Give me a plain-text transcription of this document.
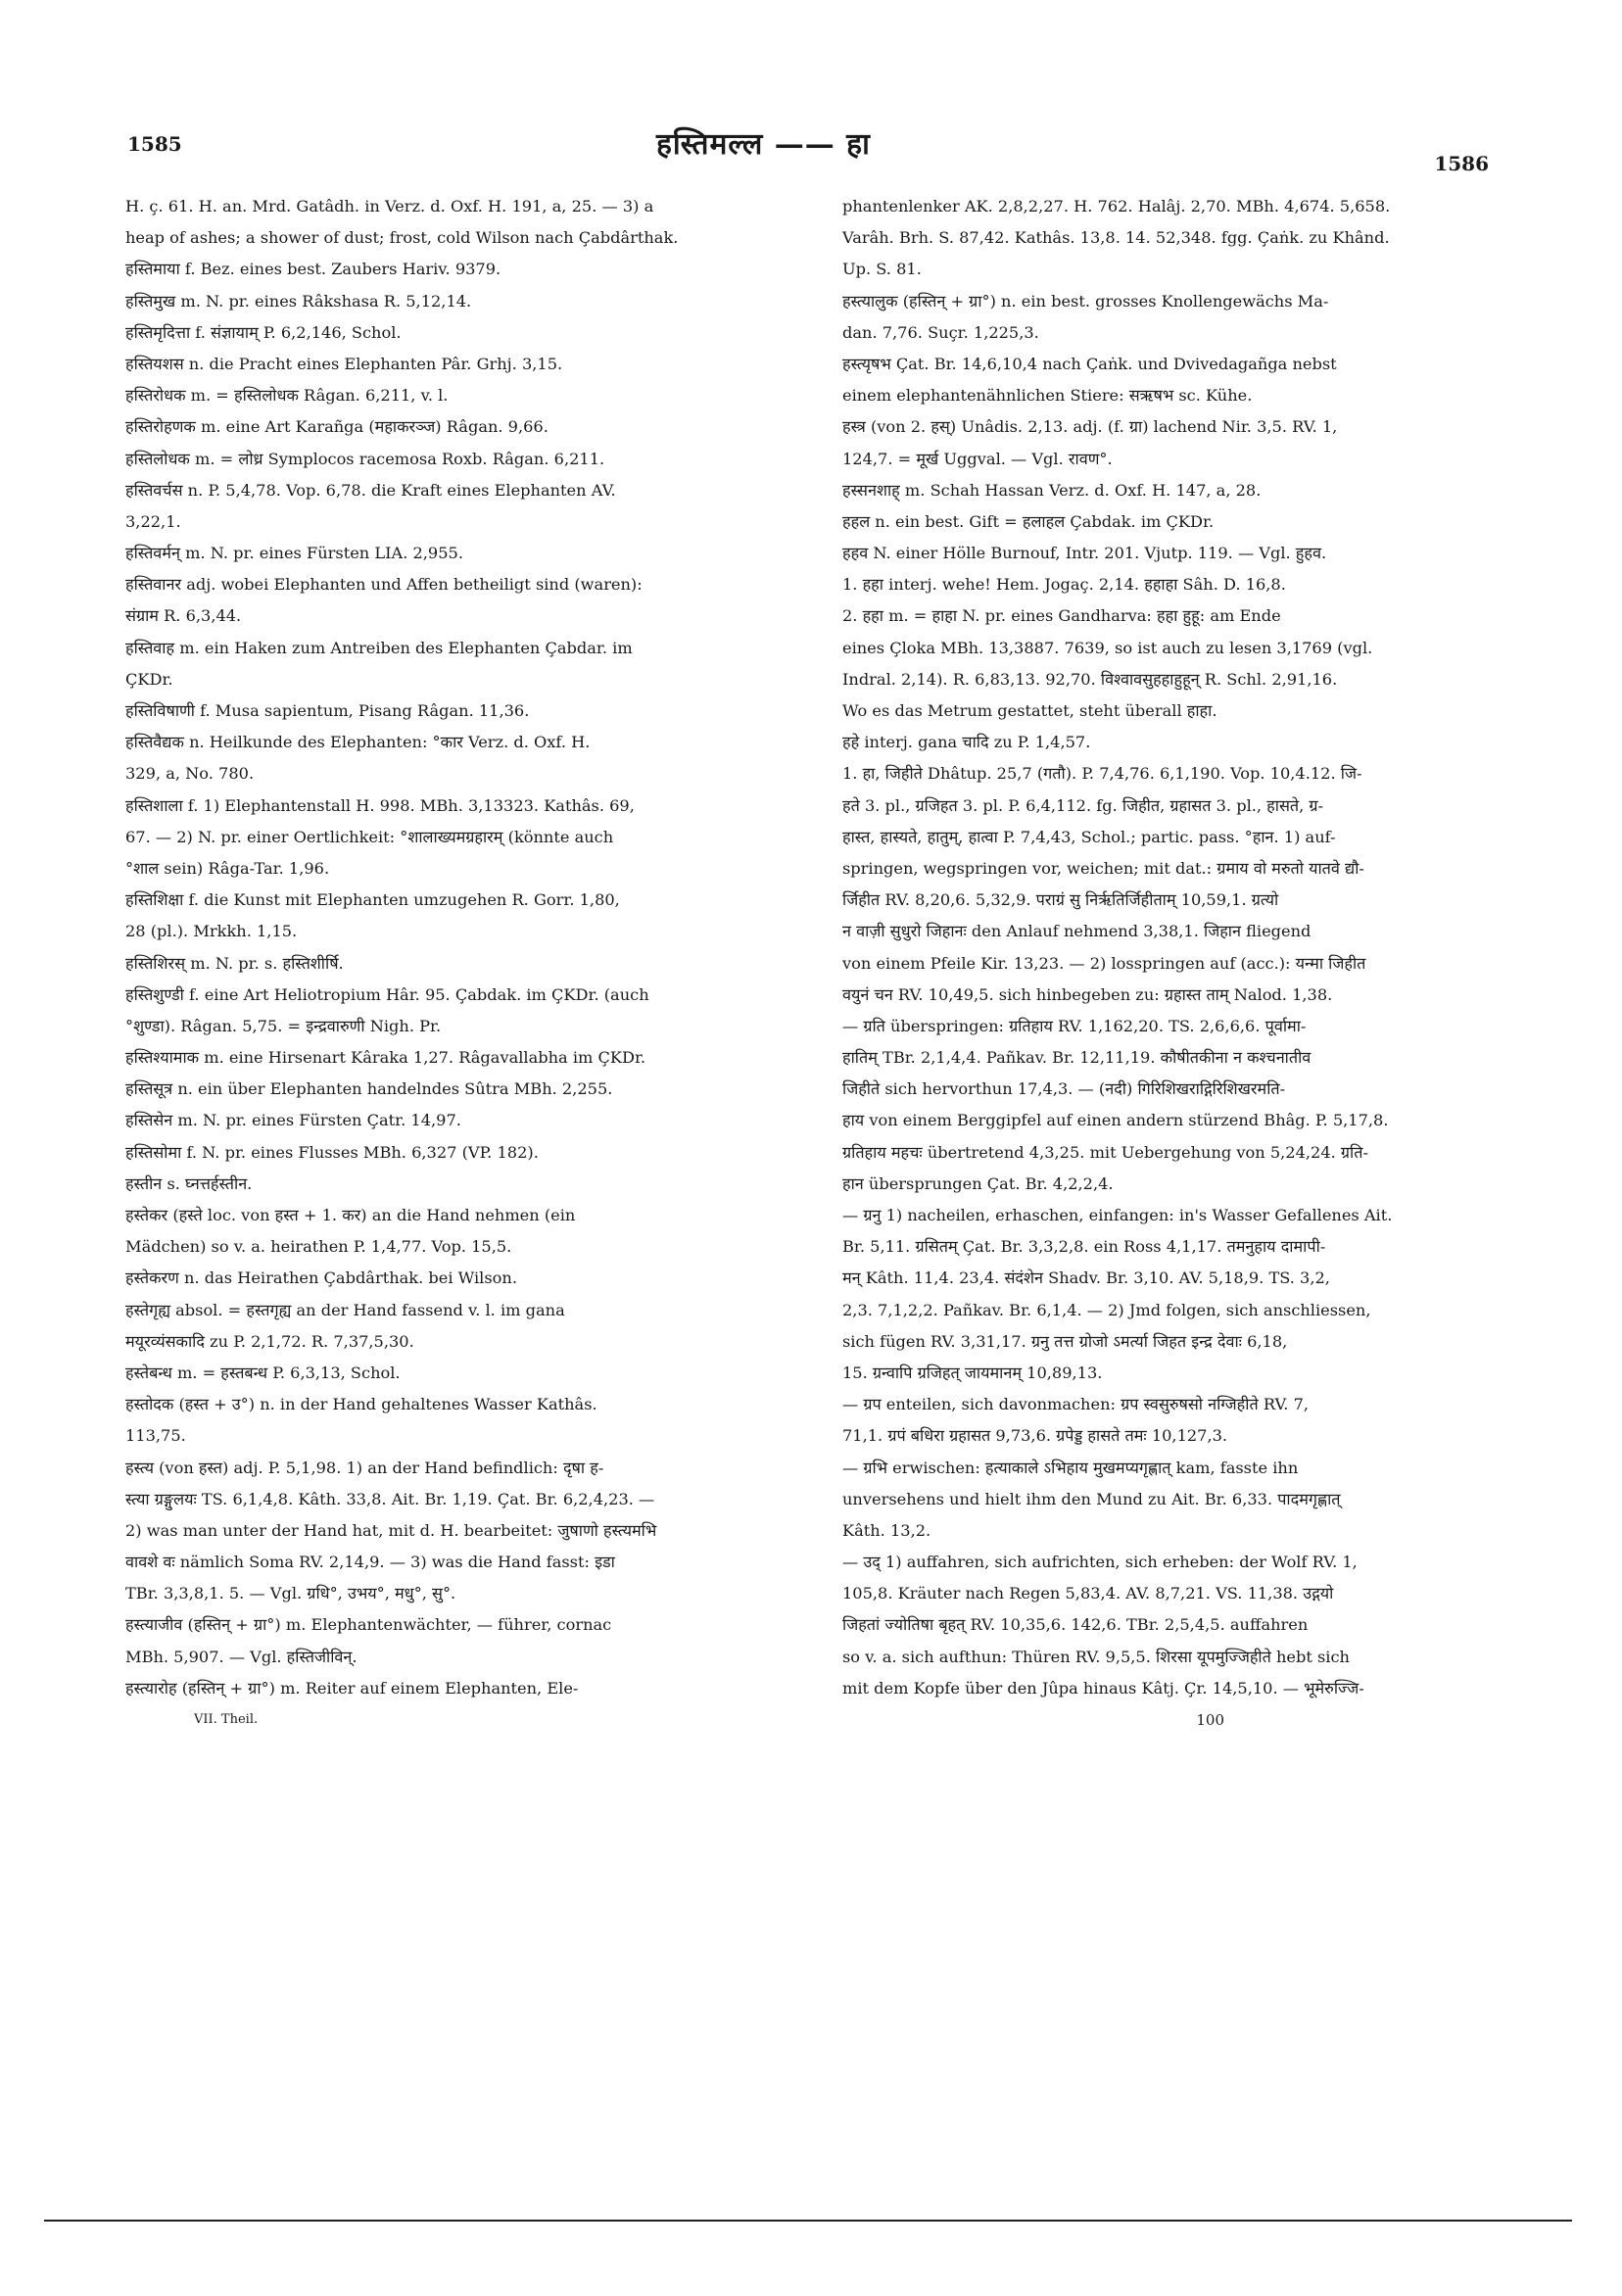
1585	हस्तिमल्ल —— हा
1586
H. ç. 61. H. an. Mrd. Gatâdh. in Verz. d. Oxf. H. 191, a, 25. — 3) a
heap of ashes; a shower of dust; frost, cold Wilson nach Çabdârthak.
हस्तिमाया f. Bez. eines best. Zaubers Hariv. 9379.
हस्तिमुख m. N. pr. eines Râkshasa R. 5,12,14.
हस्तिमृदित्ता f. संज्ञायाम् P. 6,2,146, Schol.
हस्तियशस n. die Pracht eines Elephanten Pâr. Grhj. 3,15.
हस्तिरोधक m. = हस्तिलोधक Râgan. 6,211, v. l.
हस्तिरोहणक m. eine Art Karañga (महाकरञ्ज) Râgan. 9,66.
हस्तिलोधक m. = लोध्र Symplocos racemosa Roxb. Râgan. 6,211.
हस्तिवर्चस n. P. 5,4,78. Vop. 6,78. die Kraft eines Elephanten AV.
3,22,1.
हस्तिवर्मन् m. N. pr. eines Fürsten LIA. 2,955.
हस्तिवानर adj. wobei Elephanten und Affen betheiligt sind (waren):
संग्राम R. 6,3,44.
हस्तिवाह m. ein Haken zum Antreiben des Elephanten Çabdar. im
ÇKDr.
हस्तिविषाणी f. Musa sapientum, Pisang Râgan. 11,36.
हस्तिवैद्यक n. Heilkunde des Elephanten: °कार Verz. d. Oxf. H.
329, a, No. 780.
हस्तिशाला f. 1) Elephantenstall H. 998. MBh. 3,13323. Kathâs. 69,
67. — 2) N. pr. einer Oertlichkeit: °शालाख्यमग्रहारम् (könnte auch
°शाल sein) Râga-Tar. 1,96.
हस्तिशिक्षा f. die Kunst mit Elephanten umzugehen R. Gorr. 1,80,
28 (pl.). Mrkkh. 1,15.
हस्तिशिरस् m. N. pr. s. हस्तिशीर्षि.
हस्तिशुण्डी f. eine Art Heliotropium Hâr. 95. Çabdak. im ÇKDr. (auch
°शुण्डा). Râgan. 5,75. = इन्द्रवारुणी Nigh. Pr.
हस्तिश्यामाक m. eine Hirsenart Kâraka 1,27. Râgavallabha im ÇKDr.
हस्तिसूत्र n. ein über Elephanten handelndes Sûtra MBh. 2,255.
हस्तिसेन m. N. pr. eines Fürsten Çatr. 14,97.
हस्तिसोमा f. N. pr. eines Flusses MBh. 6,327 (VP. 182).
हस्तीन s. घ्नत्तर्हस्तीन.
हस्तेकर (हस्ते loc. von हस्त + 1. कर) an die Hand nehmen (ein
Mädchen) so v. a. heirathen P. 1,4,77. Vop. 15,5.
हस्तेकरण n. das Heirathen Çabdârthak. bei Wilson.
हस्तेगृह्य absol. = हस्तगृह्य an der Hand fassend v. l. im gana
मयूरव्यंसकादि zu P. 2,1,72. R. 7,37,5,30.
हस्तेबन्ध m. = हस्तबन्ध P. 6,3,13, Schol.
हस्तोदक (हस्त + उ°) n. in der Hand gehaltenes Wasser Kathâs.
113,75.
हस्त्य (von हस्त) adj. P. 5,1,98. 1) an der Hand befindlich: दृषा ह-
स्त्या ग्रङ्गुलयः TS. 6,1,4,8. Kâth. 33,8. Ait. Br. 1,19. Çat. Br. 6,2,4,23. —
2) was man unter der Hand hat, mit d. H. bearbeitet: जुषाणो हस्त्यमभि
वावशे वः nämlich Soma RV. 2,14,9. — 3) was die Hand fasst: इडा
TBr. 3,3,8,1. 5. — Vgl. ग्रधि°, उभय°, मधु°, सु°.
हस्त्याजीव (हस्तिन् + ग्रा°) m. Elephantenwächter, — führer, cornac
MBh. 5,907. — Vgl. हस्तिजीविन्.
हस्त्यारोह (हस्तिन् + ग्रा°) m. Reiter auf einem Elephanten, Ele-
VII. Theil.
phantenlenker AK. 2,8,2,27. H. 762. Halâj. 2,70. MBh. 4,674. 5,658.
Varâh. Brh. S. 87,42. Kathâs. 13,8. 14. 52,348. fgg. Çaṅk. zu Khând.
Up. S. 81.
हस्त्यालुक (हस्तिन् + ग्रा°) n. ein best. grosses Knollengewächs Ma-
dan. 7,76. Suçr. 1,225,3.
हस्त्यृषभ Çat. Br. 14,6,10,4 nach Çaṅk. und Dvivedagañga nebst
einem elephantenähnlichen Stiere: सऋषभ sc. Kühe.
हस्त्र (von 2. हस्) Unâdis. 2,13. adj. (f. ग्रा) lachend Nir. 3,5. RV. 1,
124,7. = मूर्ख Uggval. — Vgl. रावण°.
हस्सनशाह् m. Schah Hassan Verz. d. Oxf. H. 147, a, 28.
हहल n. ein best. Gift = हलाहल Çabdak. im ÇKDr.
हहव N. einer Hölle Burnouf, Intr. 201. Vjutp. 119. — Vgl. हुहव.
1. हहा interj. wehe! Hem. Jogaç. 2,14. हहाहा Sâh. D. 16,8.
2. हहा m. = हाहा N. pr. eines Gandharva: हहा हुहू: am Ende
eines Çloka MBh. 13,3887. 7639, so ist auch zu lesen 3,1769 (vgl.
Indral. 2,14). R. 6,83,13. 92,70. विश्वावसुहहाहुहून् R. Schl. 2,91,16.
Wo es das Metrum gestattet, steht überall हाहा.
हहे interj. gana चादि zu P. 1,4,57.
1. हा, जिहीते Dhâtup. 25,7 (गतौ). P. 7,4,76. 6,1,190. Vop. 10,4.12. जि-
हते 3. pl., ग्रजिहत 3. pl. P. 6,4,112. fg. जिहीत, ग्रहासत 3. pl., हासते, ग्र-
हास्त, हास्यते, हातुम्, हात्वा P. 7,4,43, Schol.; partic. pass. °हान. 1) auf-
springen, wegspringen vor, weichen; mit dat.: ग्रमाय वो मरुतो यातवे द्यौ-
र्जिहीत RV. 8,20,6. 5,32,9. पराग्रं सु निर्ऋतिर्जिहीताम् 10,59,1. ग्रत्यो
न वाज़ी सुधुरो जिहानः den Anlauf nehmend 3,38,1. जिहान fliegend
von einem Pfeile Kir. 13,23. — 2) losspringen auf (acc.): यन्मा जिहीत
वयुनं चन RV. 10,49,5. sich hinbegeben zu: ग्रहास्त ताम् Nalod. 1,38.
— ग्रति überspringen: ग्रतिहाय RV. 1,162,20. TS. 2,6,6,6. पूर्वामा-
हातिम् TBr. 2,1,4,4. Pañkav. Br. 12,11,19. कौषीतकीना न कश्चनातीव
जिहीते sich hervorthun 17,4,3. — (नदी) गिरिशिखराद्गिरिशिखरमति-
हाय von einem Berggipfel auf einen andern stürzend Bhâg. P. 5,17,8.
ग्रतिहाय महचः übertretend 4,3,25. mit Uebergehung von 5,24,24. ग्रति-
हान übersprungen Çat. Br. 4,2,2,4.
— ग्रनु 1) nacheilen, erhaschen, einfangen: in's Wasser Gefallenes Ait.
Br. 5,11. ग्रसितम् Çat. Br. 3,3,2,8. ein Ross 4,1,17. तमनुहाय दामापी-
मन् Kâth. 11,4. 23,4. संदंशेन Shadv. Br. 3,10. AV. 5,18,9. TS. 3,2,
2,3. 7,1,2,2. Pañkav. Br. 6,1,4. — 2) Jmd folgen, sich anschliessen,
sich fügen RV. 3,31,17. ग्रनु तत्त ग्रोजो ऽमर्त्या जिहत इन्द्र देवाः 6,18,
15. ग्रन्वापि ग्रजिहत् जायमानम् 10,89,13.
— ग्रप enteilen, sich davonmachen: ग्रप स्वसुरुषसो नग्जिहीते RV. 7,
71,1. ग्रपं बधिरा ग्रहासत 9,73,6. ग्रपेड्ड हासते तमः 10,127,3.
— ग्रभि erwischen: हत्याकाले ऽभिहाय मुखमप्यगृह्णात् kam, fasste ihn
unversehens und hielt ihm den Mund zu Ait. Br. 6,33. पादमगृह्णात्
Kâth. 13,2.
— उद् 1) auffahren, sich aufrichten, sich erheben: der Wolf RV. 1,
105,8. Kräuter nach Regen 5,83,4. AV. 8,7,21. VS. 11,38. उद्गयो
जिहतां ज्योतिषा बृहत् RV. 10,35,6. 142,6. TBr. 2,5,4,5. auffahren
so v. a. sich aufthun: Thüren RV. 9,5,5. शिरसा यूपमुज्जिहीते hebt sich
mit dem Kopfe über den Jûpa hinaus Kâtj. Çr. 14,5,10. — भूमेरुज्जि-
100
